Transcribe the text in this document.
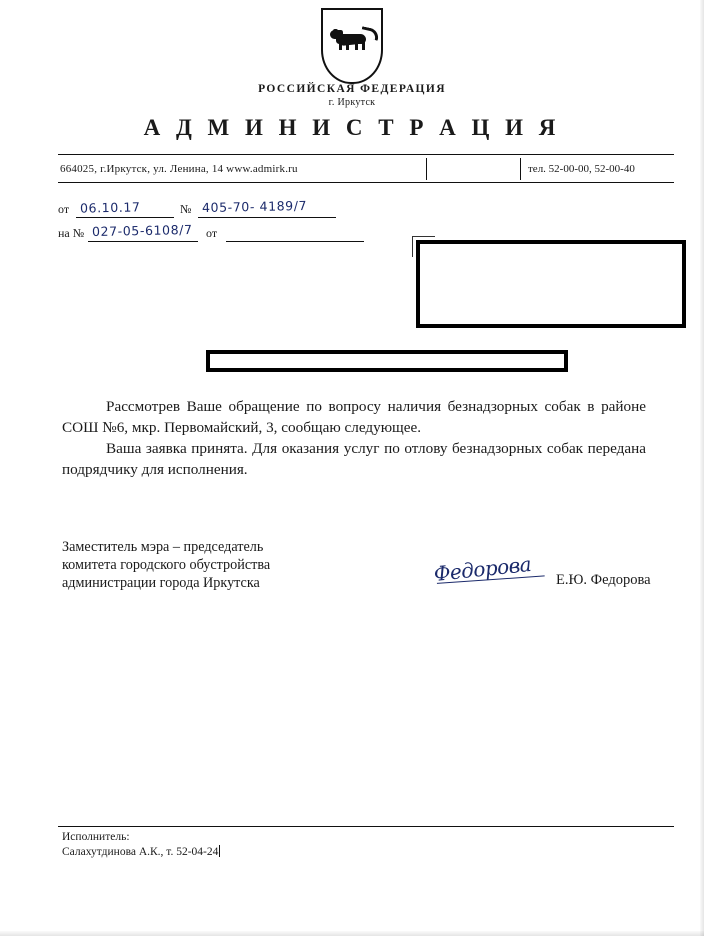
РОССИЙСКАЯ ФЕДЕРАЦИЯ
г. Иркутск
А Д М И Н И С Т Р А Ц И Я
664025, г.Иркутск, ул. Ленина, 14 www.admirk.ru	тел. 52-00-00, 52-00-40
от 06.10.17	№ 405-70- 4189/7
на № 027-05-6108/7 от

Рассмотрев Ваше обращение по вопросу наличия безнадзорных собак в районе СОШ №6, мкр. Первомайский, 3, сообщаю следующее.

Ваша заявка принята. Для оказания услуг по отлову безнадзорных собак передана подрядчику для исполнения.

Заместитель мэра – председатель
комитета городского обустройства
администрации города Иркутска	Федорова	Е.Ю. Федорова
Исполнитель:
Салахутдинова А.К., т. 52-04-24
